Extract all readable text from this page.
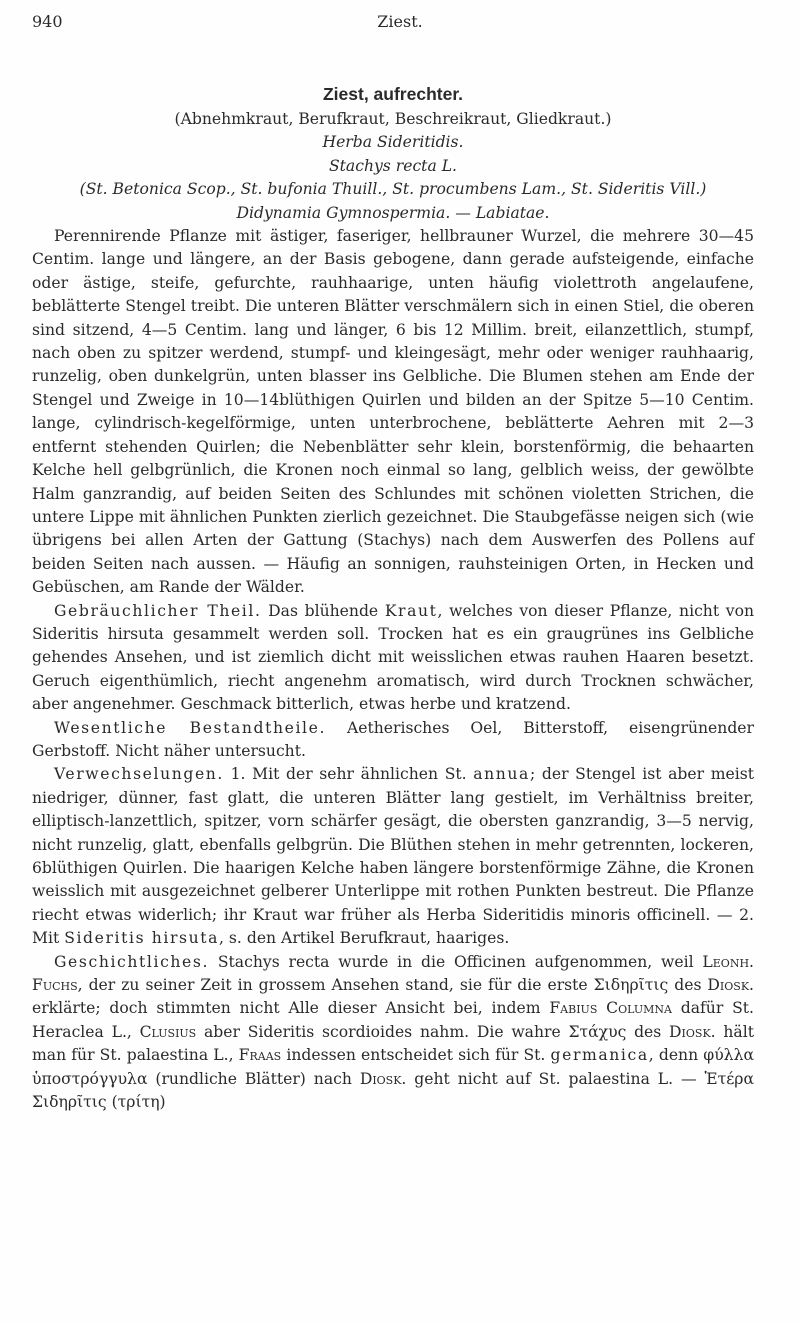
940	Ziest.
Ziest, aufrechter.

(Abnehmkraut, Berufkraut, Beschreikraut, Gliedkraut.)

Herba Sideritidis.

Stachys recta L.

(St. Betonica Scop., St. bufonia Thuill., St. procumbens Lam., St. Sideritis Vill.)

Didynamia Gymnospermia. — Labiatae.

Perennirende Pflanze mit ästiger, faseriger, hellbrauner Wurzel, die mehrere 30—45 Centim. lange und längere, an der Basis gebogene, dann gerade aufsteigende, einfache oder ästige, steife, gefurchte, rauhhaarige, unten häufig violettroth angelaufene, beblätterte Stengel treibt. Die unteren Blätter verschmälern sich in einen Stiel, die oberen sind sitzend, 4—5 Centim. lang und länger, 6 bis 12 Millim. breit, eilanzettlich, stumpf, nach oben zu spitzer werdend, stumpf- und kleingesägt, mehr oder weniger rauhhaarig, runzelig, oben dunkelgrün, unten blasser ins Gelbliche. Die Blumen stehen am Ende der Stengel und Zweige in 10—14blüthigen Quirlen und bilden an der Spitze 5—10 Centim. lange, cylindrisch-kegelförmige, unten unterbrochene, beblätterte Aehren mit 2—3 entfernt stehenden Quirlen; die Nebenblätter sehr klein, borstenförmig, die behaarten Kelche hell gelbgrünlich, die Kronen noch einmal so lang, gelblich weiss, der gewölbte Halm ganzrandig, auf beiden Seiten des Schlundes mit schönen violetten Strichen, die untere Lippe mit ähnlichen Punkten zierlich gezeichnet. Die Staubgefässe neigen sich (wie übrigens bei allen Arten der Gattung (Stachys) nach dem Auswerfen des Pollens auf beiden Seiten nach aussen. — Häufig an sonnigen, rauhsteinigen Orten, in Hecken und Gebüschen, am Rande der Wälder.

Gebräuchlicher Theil. Das blühende Kraut, welches von dieser Pflanze, nicht von Sideritis hirsuta gesammelt werden soll. Trocken hat es ein graugrünes ins Gelbliche gehendes Ansehen, und ist ziemlich dicht mit weisslichen etwas rauhen Haaren besetzt. Geruch eigenthümlich, riecht angenehm aromatisch, wird durch Trocknen schwächer, aber angenehmer. Geschmack bitterlich, etwas herbe und kratzend.

Wesentliche Bestandtheile. Aetherisches Oel, Bitterstoff, eisengrünender Gerbstoff. Nicht näher untersucht.

Verwechselungen. 1. Mit der sehr ähnlichen St. annua; der Stengel ist aber meist niedriger, dünner, fast glatt, die unteren Blätter lang gestielt, im Verhältniss breiter, elliptisch-lanzettlich, spitzer, vorn schärfer gesägt, die obersten ganzrandig, 3—5 nervig, nicht runzelig, glatt, ebenfalls gelbgrün. Die Blüthen stehen in mehr getrennten, lockeren, 6blüthigen Quirlen. Die haarigen Kelche haben längere borstenförmige Zähne, die Kronen weisslich mit ausgezeichnet gelberer Unterlippe mit rothen Punkten bestreut. Die Pflanze riecht etwas widerlich; ihr Kraut war früher als Herba Sideritidis minoris officinell. — 2. Mit Sideritis hirsuta, s. den Artikel Berufkraut, haariges.

Geschichtliches. Stachys recta wurde in die Officinen aufgenommen, weil Leonh. Fuchs, der zu seiner Zeit in grossem Ansehen stand, sie für die erste Σιδηρῖτις des Diosk. erklärte; doch stimmten nicht Alle dieser Ansicht bei, indem Fabius Columna dafür St. Heraclea L., Clusius aber Sideritis scordioides nahm. Die wahre Στάχυς des Diosk. hält man für St. palaestina L., Fraas indessen entscheidet sich für St. germanica, denn φύλλα ὑποστρόγγυλα (rundliche Blätter) nach Diosk. geht nicht auf St. palaestina L. — Ἑτέρα Σιδηρῖτις (τρίτη)
